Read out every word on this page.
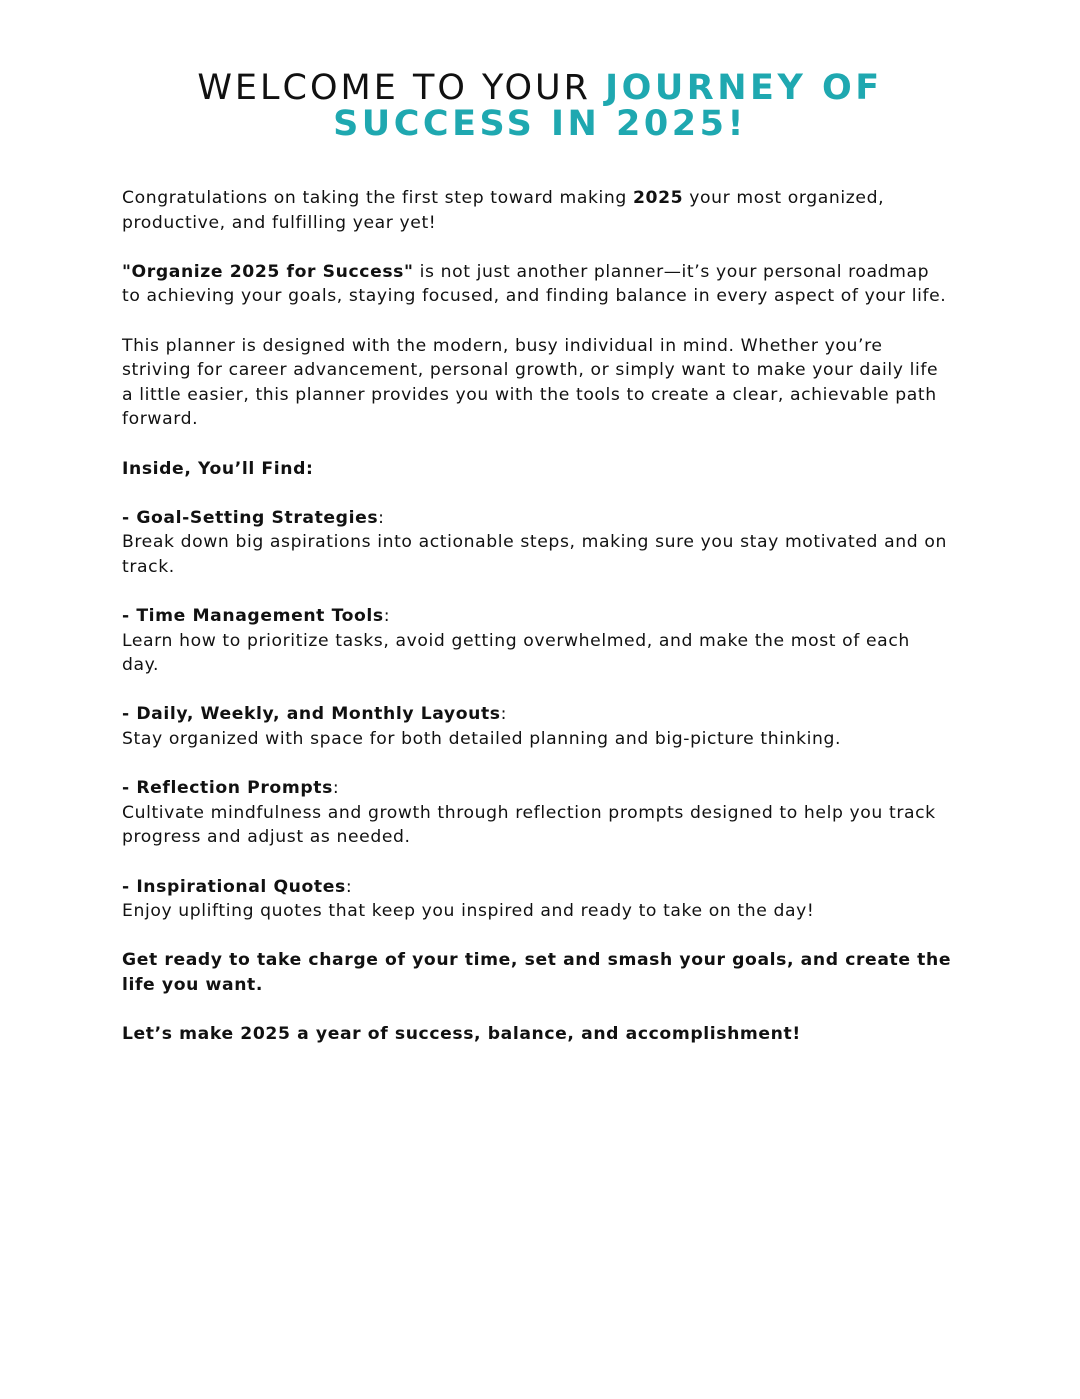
WELCOME TO YOUR JOURNEY OF
SUCCESS IN 2025!

Congratulations on taking the first step toward making 2025 your most organized, productive, and fulfilling year yet!

"Organize 2025 for Success" is not just another planner—it’s your personal roadmap to achieving your goals, staying focused, and finding balance in every aspect of your life.

This planner is designed with the modern, busy individual in mind. Whether you’re striving for career advancement, personal growth, or simply want to make your daily life a little easier, this planner provides you with the tools to create a clear, achievable path forward.

Inside, You’ll Find:

- Goal-Setting Strategies:

Break down big aspirations into actionable steps, making sure you stay motivated and on track.

- Time Management Tools:

Learn how to prioritize tasks, avoid getting overwhelmed, and make the most of each day.

- Daily, Weekly, and Monthly Layouts:

Stay organized with space for both detailed planning and big-picture thinking.

- Reflection Prompts:

Cultivate mindfulness and growth through reflection prompts designed to help you track progress and adjust as needed.

- Inspirational Quotes:

Enjoy uplifting quotes that keep you inspired and ready to take on the day!

Get ready to take charge of your time, set and smash your goals, and create the life you want.

Let’s make 2025 a year of success, balance, and accomplishment!
